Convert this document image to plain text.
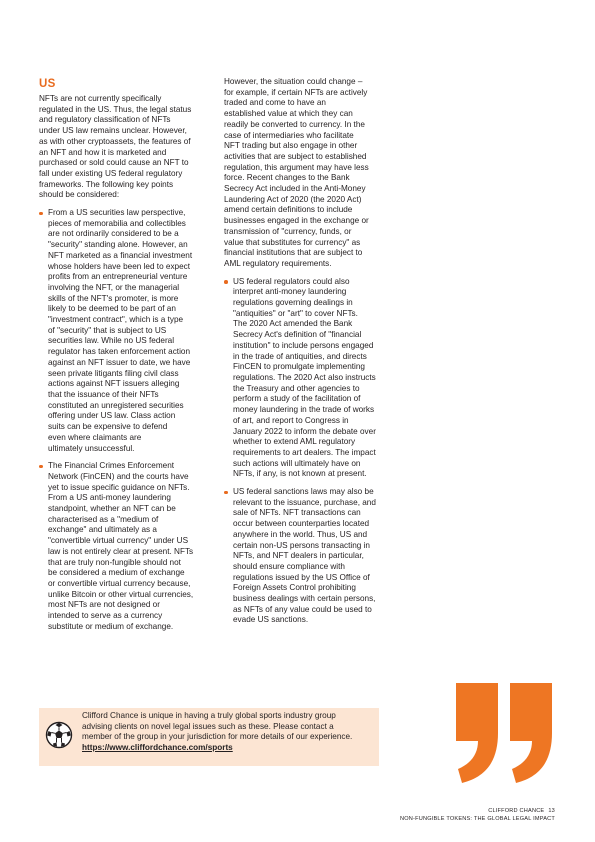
US

NFTs are not currently specifically
regulated in the US. Thus, the legal status
and regulatory classification of NFTs
under US law remains unclear. However,
as with other cryptoassets, the features of
an NFT and how it is marketed and
purchased or sold could cause an NFT to
fall under existing US federal regulatory
frameworks. The following key points
should be considered:

From a US securities law perspective,
pieces of memorabilia and collectibles
are not ordinarily considered to be a
"security" standing alone. However, an
NFT marketed as a financial investment
whose holders have been led to expect
profits from an entrepreneurial venture
involving the NFT, or the managerial
skills of the NFT's promoter, is more
likely to be deemed to be part of an
"investment contract", which is a type
of "security" that is subject to US
securities law. While no US federal
regulator has taken enforcement action
against an NFT issuer to date, we have
seen private litigants filing civil class
actions against NFT issuers alleging
that the issuance of their NFTs
constituted an unregistered securities
offering under US law. Class action
suits can be expensive to defend
even where claimants are
ultimately unsuccessful.
The Financial Crimes Enforcement
Network (FinCEN) and the courts have
yet to issue specific guidance on NFTs.
From a US anti-money laundering
standpoint, whether an NFT can be
characterised as a "medium of
exchange" and ultimately as a
"convertible virtual currency" under US
law is not entirely clear at present. NFTs
that are truly non-fungible should not
be considered a medium of exchange
or convertible virtual currency because,
unlike Bitcoin or other virtual currencies,
most NFTs are not designed or
intended to serve as a currency
substitute or medium of exchange.

However, the situation could change –
for example, if certain NFTs are actively
traded and come to have an
established value at which they can
readily be converted to currency. In the
case of intermediaries who facilitate
NFT trading but also engage in other
activities that are subject to established
regulation, this argument may have less
force. Recent changes to the Bank
Secrecy Act included in the Anti-Money
Laundering Act of 2020 (the 2020 Act)
amend certain definitions to include
businesses engaged in the exchange or
transmission of "currency, funds, or
value that substitutes for currency" as
financial institutions that are subject to
AML regulatory requirements.

US federal regulators could also
interpret anti-money laundering
regulations governing dealings in
"antiquities" or "art" to cover NFTs.
The 2020 Act amended the Bank
Secrecy Act's definition of "financial
institution" to include persons engaged
in the trade of antiquities, and directs
FinCEN to promulgate implementing
regulations. The 2020 Act also instructs
the Treasury and other agencies to
perform a study of the facilitation of
money laundering in the trade of works
of art, and report to Congress in
January 2022 to inform the debate over
whether to extend AML regulatory
requirements to art dealers. The impact
such actions will ultimately have on
NFTs, if any, is not known at present.
US federal sanctions laws may also be
relevant to the issuance, purchase, and
sale of NFTs. NFT transactions can
occur between counterparties located
anywhere in the world. Thus, US and
certain non-US persons transacting in
NFTs, and NFT dealers in particular,
should ensure compliance with
regulations issued by the US Office of
Foreign Assets Control prohibiting
business dealings with certain persons,
as NFTs of any value could be used to
evade US sanctions.
Clifford Chance is unique in having a truly global sports industry group
advising clients on novel legal issues such as these. Please contact a
member of the group in your jurisdiction for more details of our experience.
https://www.cliffordchance.com/sports
CLIFFORD CHANCE 13
NON-FUNGIBLE TOKENS: THE GLOBAL LEGAL IMPACT
